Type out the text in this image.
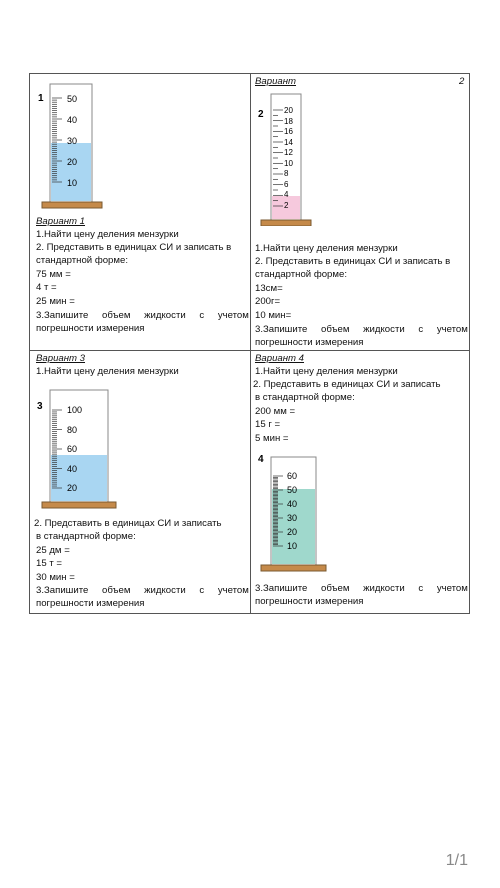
1	50
40
30
20
10
Вариант 1
1.Найти цену деления мензурки
2. Представить в единицах СИ и записать в
стандартной форме:
75 мм =
4 т =
25 мин =
3.Запишите объем жидкости с учетом
погрешности измерения
Вариант	2
2	20
18
16
14
12
10
8
6
4
2
1.Найти цену деления мензурки
2. Представить в единицах СИ и записать в
стандартной форме:
13см=
200г=
10 мин=
3.Запишите объем жидкости с учетом
погрешности измерения
Вариант 3
1.Найти цену деления мензурки
3	100
80
60
40
20
2. Представить в единицах СИ и записать
в стандартной форме:
25 дм =
15 т =
30 мин =
3.Запишите объем жидкости с учетом
погрешности измерения
Вариант 4
1.Найти цену деления мензурки
2. Представить в единицах СИ и записать
в стандартной форме:
200 мм =
15 г =
5 мин =
4
60
50
40
30
20
10
3.Запишите объем жидкости с учетом
погрешности измерения
1/1
